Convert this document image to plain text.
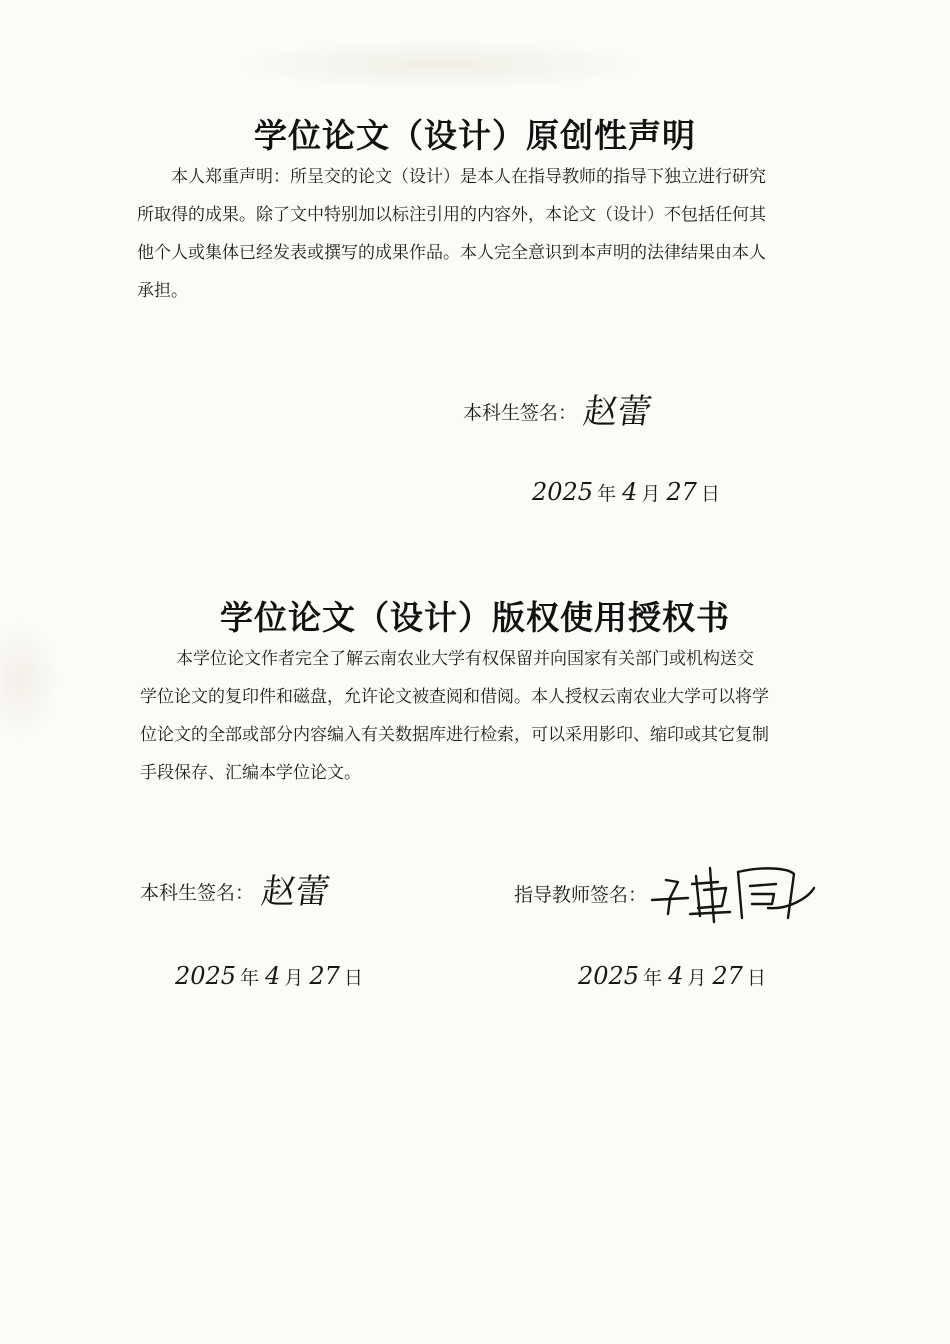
学位论文（设计）原创性声明
本人郑重声明：所呈交的论文（设计）是本人在指导教师的指导下独立进行研究
所取得的成果。除了文中特别加以标注引用的内容外，本论文（设计）不包括任何其
他个人或集体已经发表或撰写的成果作品。本人完全意识到本声明的法律结果由本人
承担。
本科生签名： 赵蕾
2025 年 4 月 27 日
学位论文（设计）版权使用授权书
本学位论文作者完全了解云南农业大学有权保留并向国家有关部门或机构送交
学位论文的复印件和磁盘，允许论文被查阅和借阅。本人授权云南农业大学可以将学
位论文的全部或部分内容编入有关数据库进行检索，可以采用影印、缩印或其它复制
手段保存、汇编本学位论文。
本科生签名： 赵蕾
2025 年 4 月 27 日
指导教师签名：
2025 年 4 月 27 日
